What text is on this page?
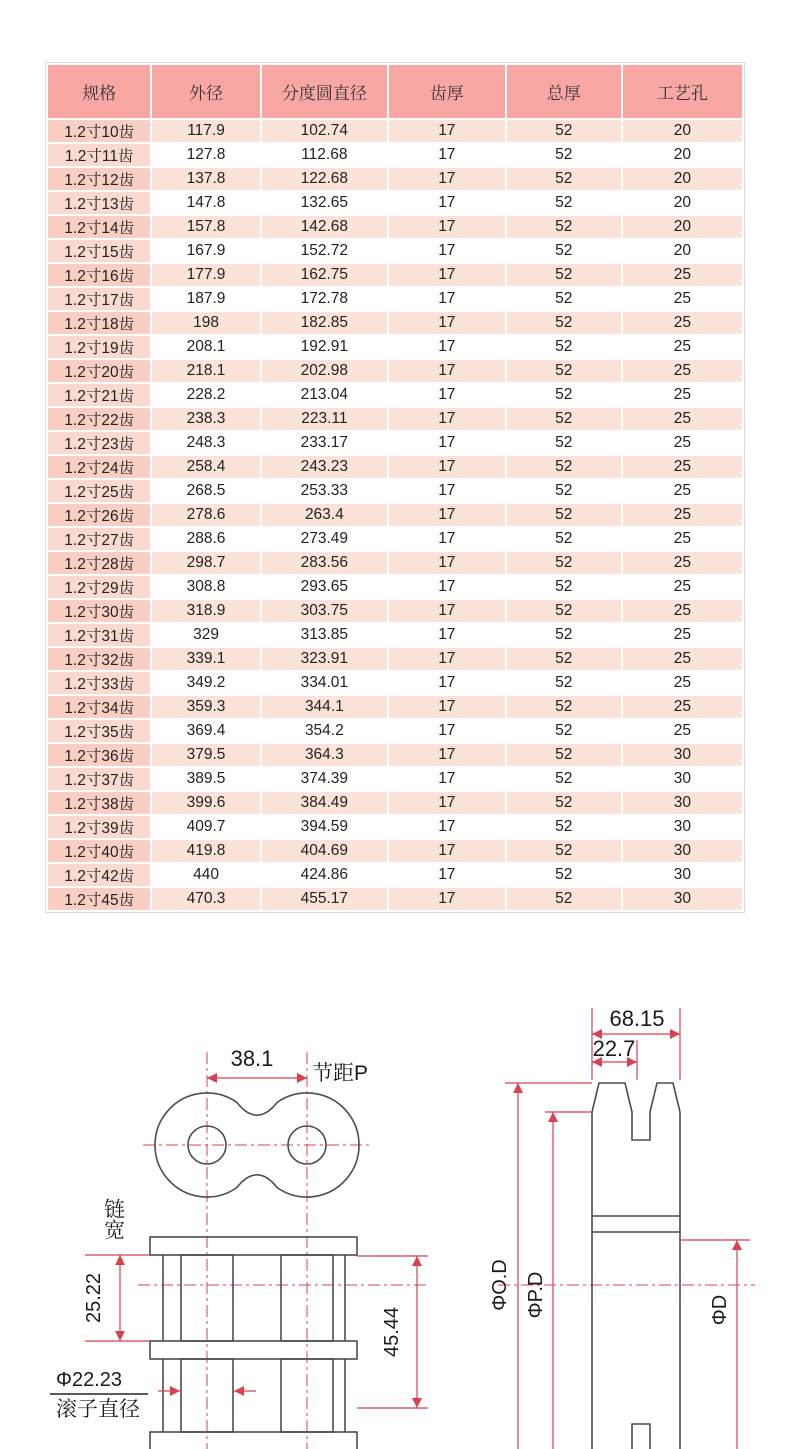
规格	外径	分度圆直径	齿厚	总厚	工艺孔
1.2寸10齿	117.9	102.74	17	52	20
1.2寸11齿	127.8	112.68	17	52	20
1.2寸12齿	137.8	122.68	17	52	20
1.2寸13齿	147.8	132.65	17	52	20
1.2寸14齿	157.8	142.68	17	52	20
1.2寸15齿	167.9	152.72	17	52	20
1.2寸16齿	177.9	162.75	17	52	25
1.2寸17齿	187.9	172.78	17	52	25
1.2寸18齿	198	182.85	17	52	25
1.2寸19齿	208.1	192.91	17	52	25
1.2寸20齿	218.1	202.98	17	52	25
1.2寸21齿	228.2	213.04	17	52	25
1.2寸22齿	238.3	223.11	17	52	25
1.2寸23齿	248.3	233.17	17	52	25
1.2寸24齿	258.4	243.23	17	52	25
1.2寸25齿	268.5	253.33	17	52	25
1.2寸26齿	278.6	263.4	17	52	25
1.2寸27齿	288.6	273.49	17	52	25
1.2寸28齿	298.7	283.56	17	52	25
1.2寸29齿	308.8	293.65	17	52	25
1.2寸30齿	318.9	303.75	17	52	25
1.2寸31齿	329	313.85	17	52	25
1.2寸32齿	339.1	323.91	17	52	25
1.2寸33齿	349.2	334.01	17	52	25
1.2寸34齿	359.3	344.1	17	52	25
1.2寸35齿	369.4	354.2	17	52	25
1.2寸36齿	379.5	364.3	17	52	30
1.2寸37齿	389.5	374.39	17	52	30
1.2寸38齿	399.6	384.49	17	52	30
1.2寸39齿	409.7	394.59	17	52	30
1.2寸40齿	419.8	404.69	17	52	30
1.2寸42齿	440	424.86	17	52	30
1.2寸45齿	470.3	455.17	17	52	30
38.1
节距P
链宽
25.22
Φ22.23
滚子直径
45.44
68.15
22.7
ΦO.D ΦP.D	ΦD
